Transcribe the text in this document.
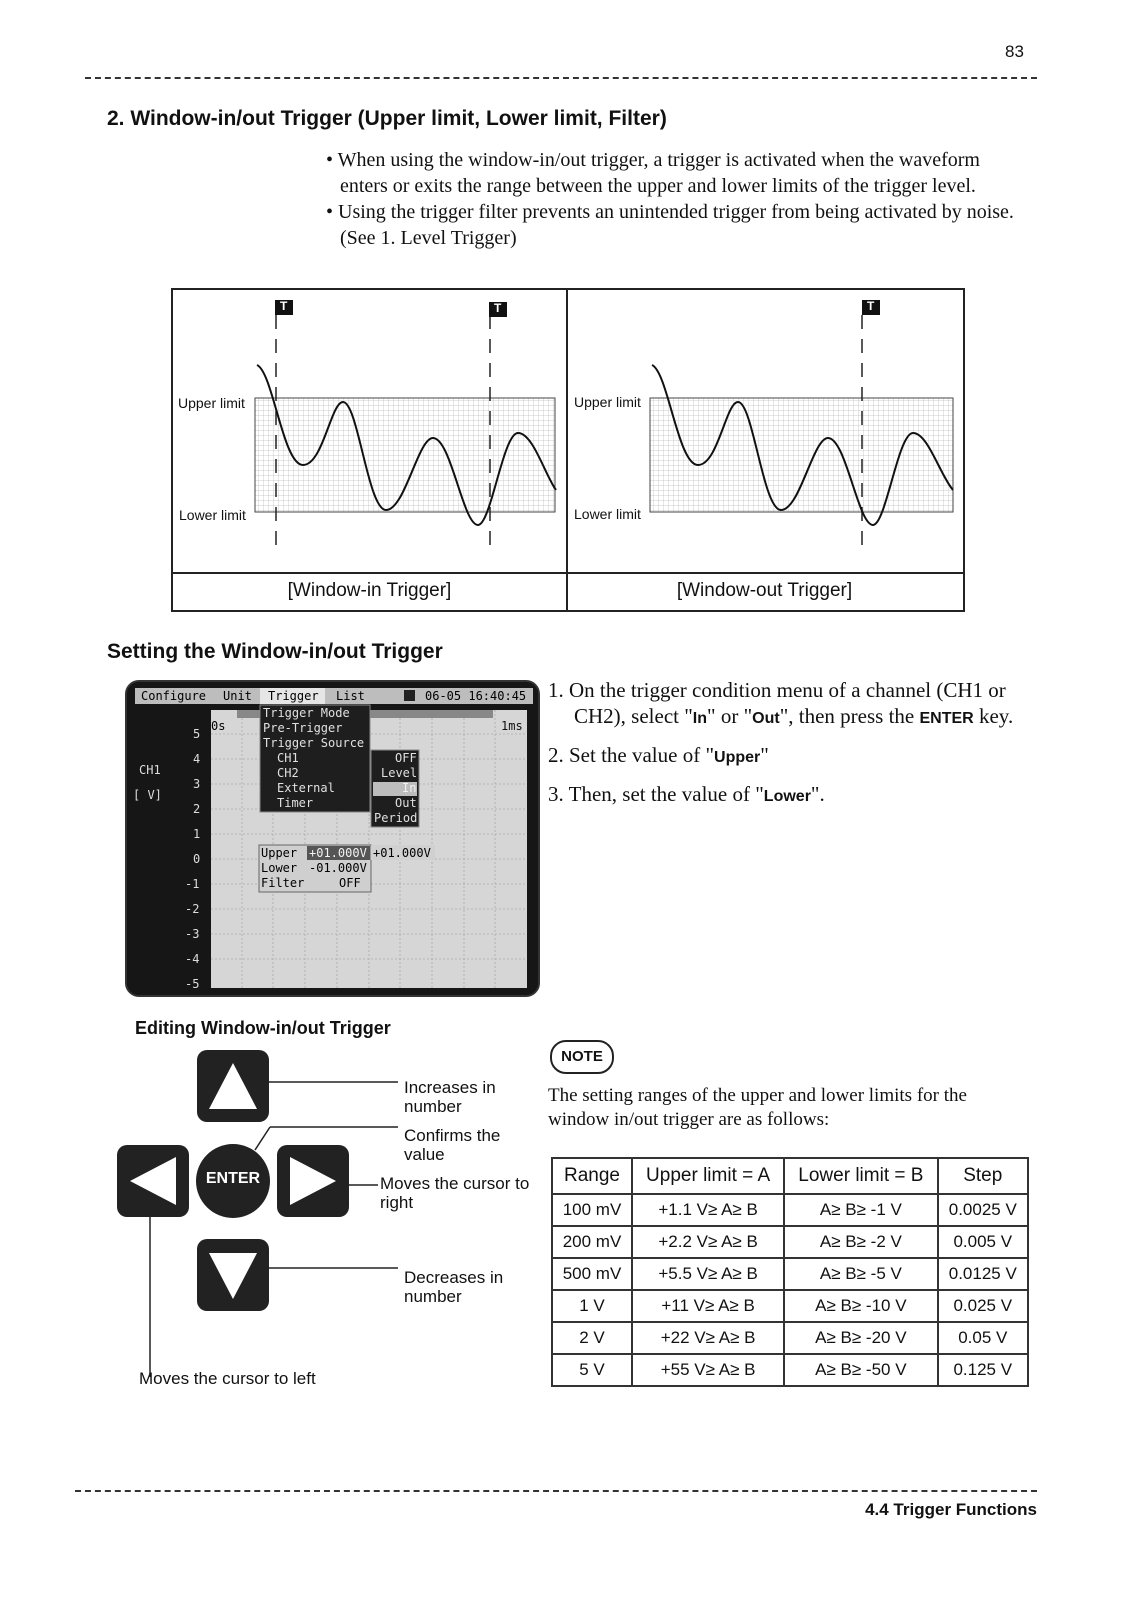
83
2. Window-in/out Trigger (Upper limit, Lower limit, Filter)

• When using the window-in/out trigger, a trigger is activated when the waveform enters or exits the range between the upper and lower limits of the trigger level.

• Using the trigger filter prevents an unintended trigger from being activated by noise. (See 1. Level Trigger)

Upper limit
Lower limit
Upper limit
Lower limit
T	T	T
[Window-in Trigger]	[Window-out Trigger]
Setting the Window-in/out Trigger
Configure Unit Trigger List	06-05 16:40:45
0s	1ms
5
4
3
2
1
0
-1
-2
-3
-4
-5
CH1
[ V]
Trigger Mode
Pre-Trigger
Trigger Source
CH1
CH2
External
Timer
OFF
Level
In
Out
Period
Upper +01.000V +01.000V
Lower -01.000V
Filter	OFF

1. On the trigger condition menu of a channel (CH1 or CH2), select "In" or "Out", then press the ENTER key.

2. Set the value of "Upper"

3. Then, set the value of "Lower".

Editing Window-in/out Trigger
ENTER
Increases in number
Confirms the value
Moves the cursor to right
Decreases in number
Moves the cursor to left
NOTE
The setting ranges of the upper and lower limits for the window in/out trigger are as follows:
Range	Upper limit = A	Lower limit = B	Step
100 mV	+1.1 V≥ A≥ B	A≥ B≥ -1 V	0.0025 V
200 mV	+2.2 V≥ A≥ B	A≥ B≥ -2 V	0.005 V
500 mV	+5.5 V≥ A≥ B	A≥ B≥ -5 V	0.0125 V
1 V	+11 V≥ A≥ B	A≥ B≥ -10 V	0.025 V
2 V	+22 V≥ A≥ B	A≥ B≥ -20 V	0.05 V
5 V	+55 V≥ A≥ B	A≥ B≥ -50 V	0.125 V
4.4 Trigger Functions
